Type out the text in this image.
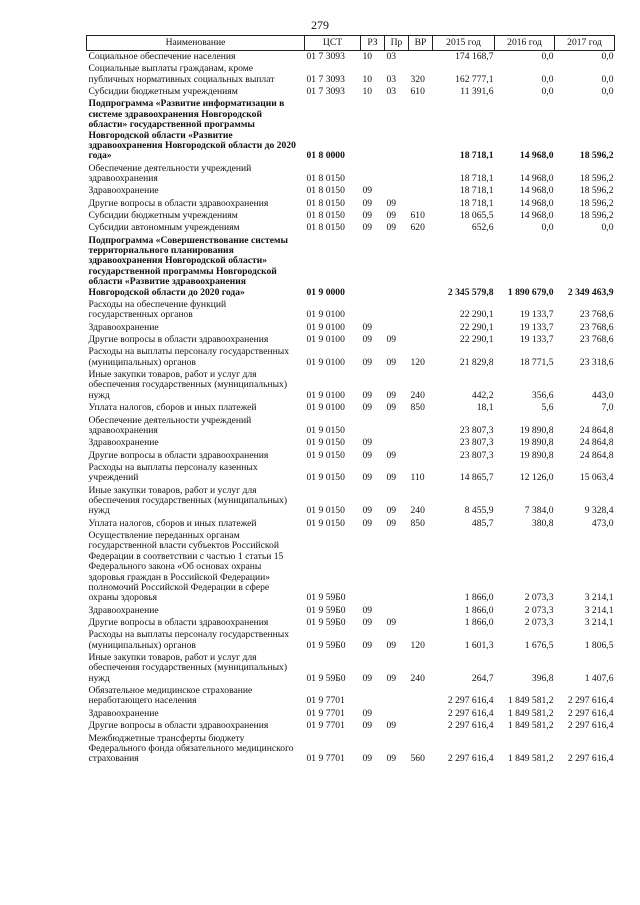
279
Наименование	ЦСТ	РЗ	Пр	ВР	2015 год	2016 год	2017 год
Социальное обеспечение населения	01 7 3093	10	03		174 168,7	0,0	0,0
Социальные выплаты гражданам, кроме публичных нормативных социальных выплат	01 7 3093	10	03	320	162 777,1	0,0	0,0
Субсидии бюджетным учреждениям	01 7 3093	10	03	610	11 391,6	0,0	0,0
Подпрограмма «Развитие информатизации в системе здравоохранения Новгородской области» государственной программы Новгородской области «Развитие здравоохранения Новгородской области до 2020 года»	01 8 0000				18 718,1	14 968,0	18 596,2
Обеспечение деятельности учреждений здравоохранения	01 8 0150				18 718,1	14 968,0	18 596,2
Здравоохранение	01 8 0150	09			18 718,1	14 968,0	18 596,2
Другие вопросы в области здравоохранения	01 8 0150	09	09		18 718,1	14 968,0	18 596,2
Субсидии бюджетным учреждениям	01 8 0150	09	09	610	18 065,5	14 968,0	18 596,2
Субсидии автономным учреждениям	01 8 0150	09	09	620	652,6	0,0	0,0
Подпрограмма «Совершенствование системы территориального планирования здравоохранения Новгородской области» государственной программы Новгородской области «Развитие здравоохранения Новгородской области до 2020 года»	01 9 0000				2 345 579,8	1 890 679,0	2 349 463,9
Расходы на обеспечение функций государственных органов	01 9 0100				22 290,1	19 133,7	23 768,6
Здравоохранение	01 9 0100	09			22 290,1	19 133,7	23 768,6
Другие вопросы в области здравоохранения	01 9 0100	09	09		22 290,1	19 133,7	23 768,6
Расходы на выплаты персоналу государственных (муниципальных) органов	01 9 0100	09	09	120	21 829,8	18 771,5	23 318,6
Иные закупки товаров, работ и услуг для обеспечения государственных (муниципальных) нужд	01 9 0100	09	09	240	442,2	356,6	443,0
Уплата налогов, сборов и иных платежей	01 9 0100	09	09	850	18,1	5,6	7,0
Обеспечение деятельности учреждений здравоохранения	01 9 0150				23 807,3	19 890,8	24 864,8
Здравоохранение	01 9 0150	09			23 807,3	19 890,8	24 864,8
Другие вопросы в области здравоохранения	01 9 0150	09	09		23 807,3	19 890,8	24 864,8
Расходы на выплаты персоналу казенных учреждений	01 9 0150	09	09	110	14 865,7	12 126,0	15 063,4
Иные закупки товаров, работ и услуг для обеспечения государственных (муниципальных) нужд	01 9 0150	09	09	240	8 455,9	7 384,0	9 328,4
Уплата налогов, сборов и иных платежей	01 9 0150	09	09	850	485,7	380,8	473,0
Осуществление переданных органам государственной власти субъектов Российской Федерации в соответствии с частью 1 статьи 15 Федерального закона «Об основах охраны здоровья граждан в Российской Федерации» полномочий Российской Федерации в сфере охраны здоровья	01 9 59Б0				1 866,0	2 073,3	3 214,1
Здравоохранение	01 9 59Б0	09			1 866,0	2 073,3	3 214,1
Другие вопросы в области здравоохранения	01 9 59Б0	09	09		1 866,0	2 073,3	3 214,1
Расходы на выплаты персоналу государственных (муниципальных) органов	01 9 59Б0	09	09	120	1 601,3	1 676,5	1 806,5
Иные закупки товаров, работ и услуг для обеспечения государственных (муниципальных) нужд	01 9 59Б0	09	09	240	264,7	396,8	1 407,6
Обязательное медицинское страхование неработающего населения	01 9 7701				2 297 616,4	1 849 581,2	2 297 616,4
Здравоохранение	01 9 7701	09			2 297 616,4	1 849 581,2	2 297 616,4
Другие вопросы в области здравоохранения	01 9 7701	09	09		2 297 616,4	1 849 581,2	2 297 616,4
Межбюджетные трансферты бюджету Федерального фонда обязательного медицинского страхования	01 9 7701	09	09	560	2 297 616,4	1 849 581,2	2 297 616,4
